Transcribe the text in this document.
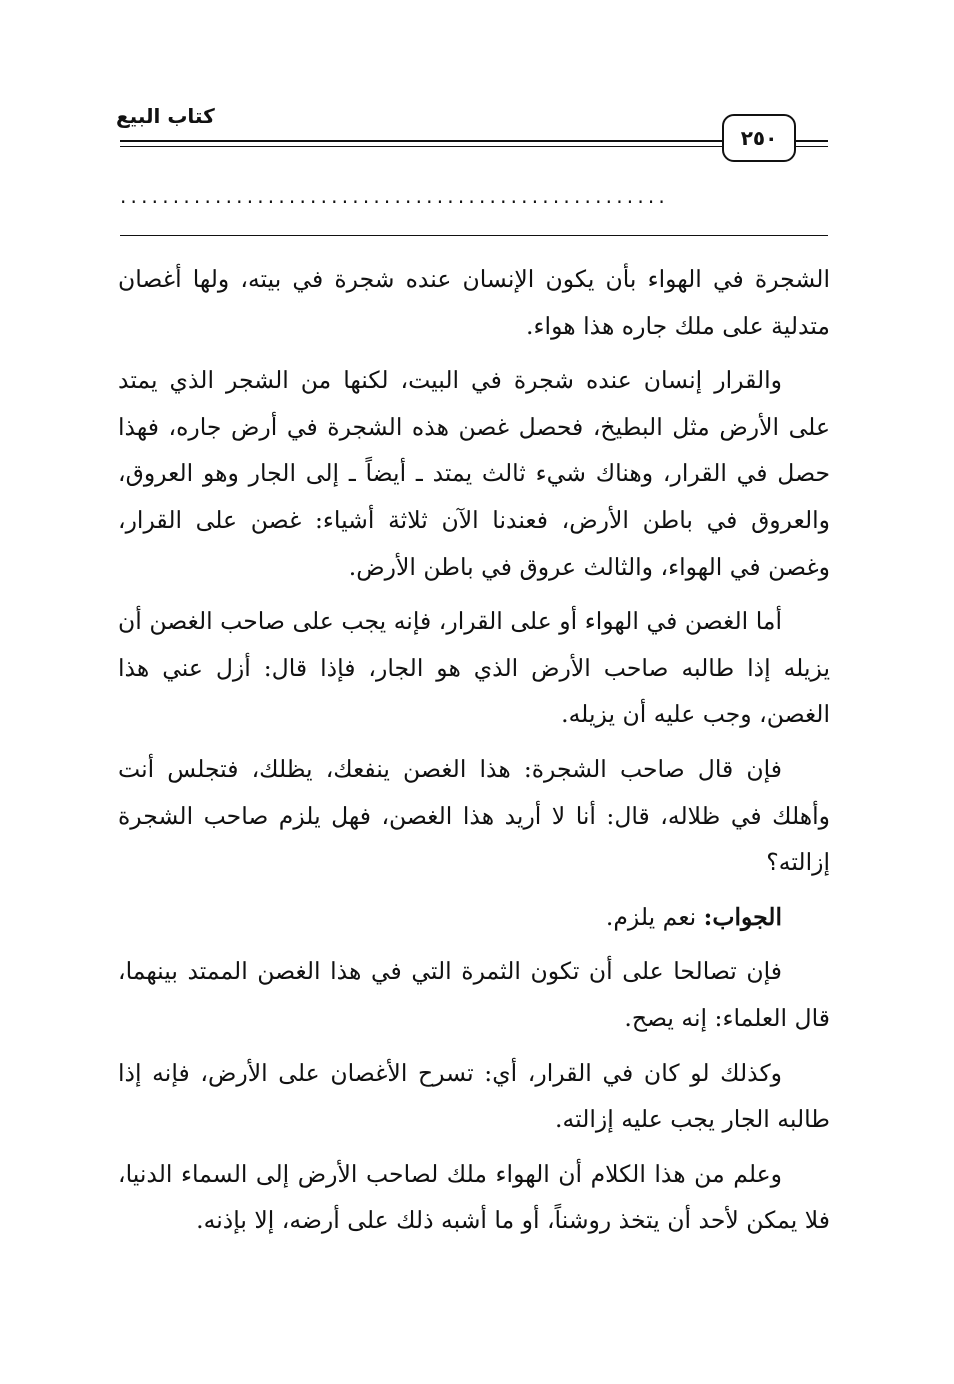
٢٥٠
كتاب البيع
....................................................

الشجرة في الهواء بأن يكون الإنسان عنده شجرة في بيته، ولها أغصان متدلية على ملك جاره هذا هواء.

والقرار إنسان عنده شجرة في البيت، لكنها من الشجر الذي يمتد على الأرض مثل البطيخ، فحصل غصن هذه الشجرة في أرض جاره، فهذا حصل في القرار، وهناك شيء ثالث يمتد ـ أيضاً ـ إلى الجار وهو العروق، والعروق في باطن الأرض، فعندنا الآن ثلاثة أشياء: غصن على القرار، وغصن في الهواء، والثالث عروق في باطن الأرض.

أما الغصن في الهواء أو على القرار، فإنه يجب على صاحب الغصن أن يزيله إذا طالبه صاحب الأرض الذي هو الجار، فإذا قال: أزل عني هذا الغصن، وجب عليه أن يزيله.

فإن قال صاحب الشجرة: هذا الغصن ينفعك، يظلك، فتجلس أنت وأهلك في ظلاله، قال: أنا لا أريد هذا الغصن، فهل يلزم صاحب الشجرة إزالته؟

الجواب: نعم يلزم.

فإن تصالحا على أن تكون الثمرة التي في هذا الغصن الممتد بينهما، قال العلماء: إنه يصح.

وكذلك لو كان في القرار، أي: تسرح الأغصان على الأرض، فإنه إذا طالبه الجار يجب عليه إزالته.

وعلم من هذا الكلام أن الهواء ملك لصاحب الأرض إلى السماء الدنيا، فلا يمكن لأحد أن يتخذ روشناً، أو ما أشبه ذلك على أرضه، إلا بإذنه.
